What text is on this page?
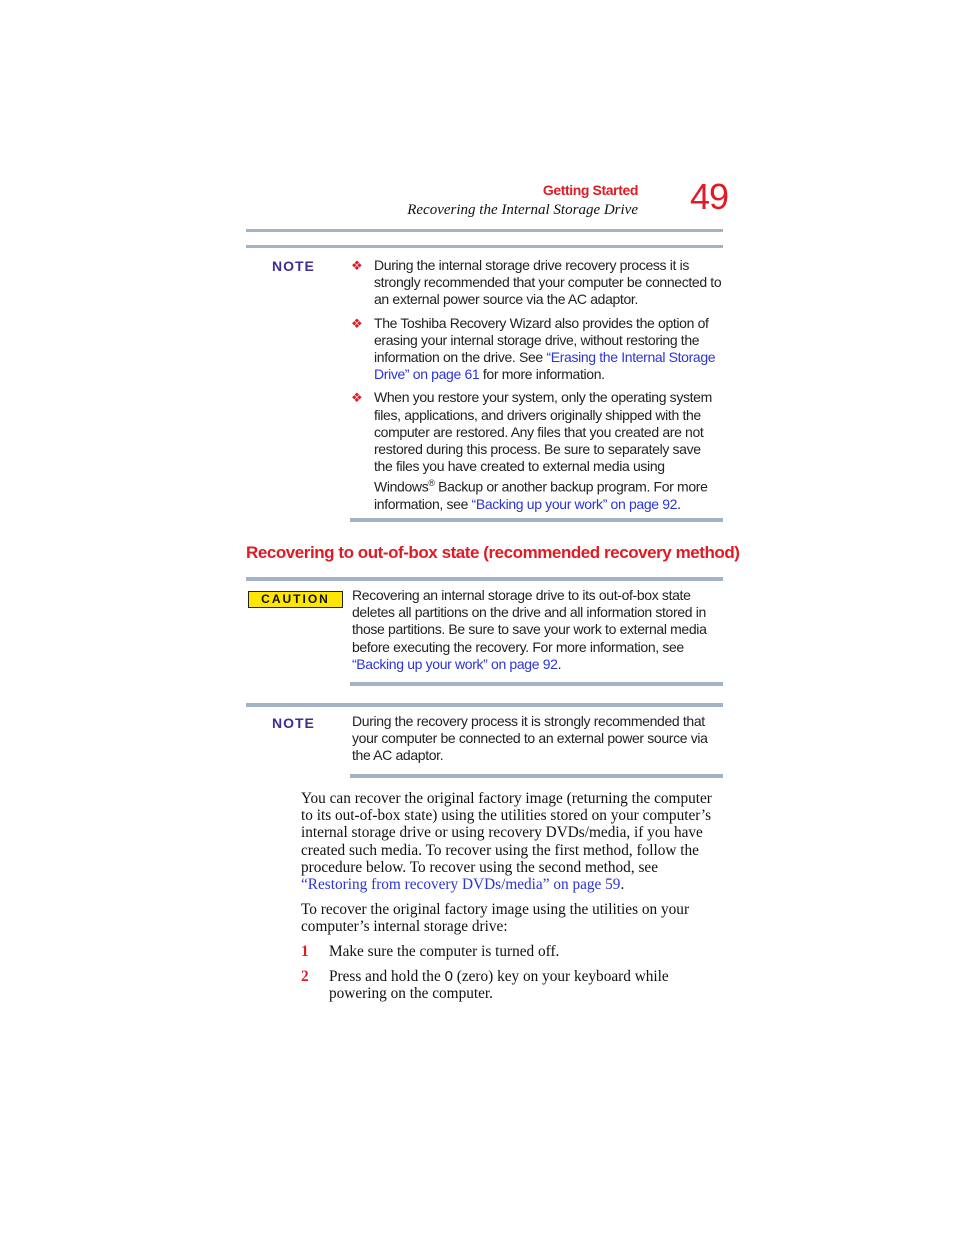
Getting Started
Recovering the Internal Storage Drive 49
NOTE	❖ During the internal storage drive recovery process it is strongly recommended that your computer be connected to an external power source via the AC adaptor.
❖ The Toshiba Recovery Wizard also provides the option of erasing your internal storage drive, without restoring the information on the drive. See “Erasing the Internal Storage Drive” on page 61 for more information.
❖ When you restore your system, only the operating system files, applications, and drivers originally shipped with the computer are restored. Any files that you created are not restored during this process. Be sure to separately save the files you have created to external media using Windows® Backup or another backup program. For more information, see “Backing up your work” on page 92.
Recovering to out-of-box state (recommended recovery method)
CAUTION	Recovering an internal storage drive to its out-of-box state deletes all partitions on the drive and all information stored in those partitions. Be sure to save your work to external media before executing the recovery. For more information, see “Backing up your work” on page 92.
NOTE	During the recovery process it is strongly recommended that your computer be connected to an external power source via the AC adaptor.
You can recover the original factory image (returning the computer to its out-of-box state) using the utilities stored on your computer’s internal storage drive or using recovery DVDs/media, if you have created such media. To recover using the first method, follow the procedure below. To recover using the second method, see “Restoring from recovery DVDs/media” on page 59.
To recover the original factory image using the utilities on your computer’s internal storage drive:
1 Make sure the computer is turned off.
2 Press and hold the 0 (zero) key on your keyboard while powering on the computer.
